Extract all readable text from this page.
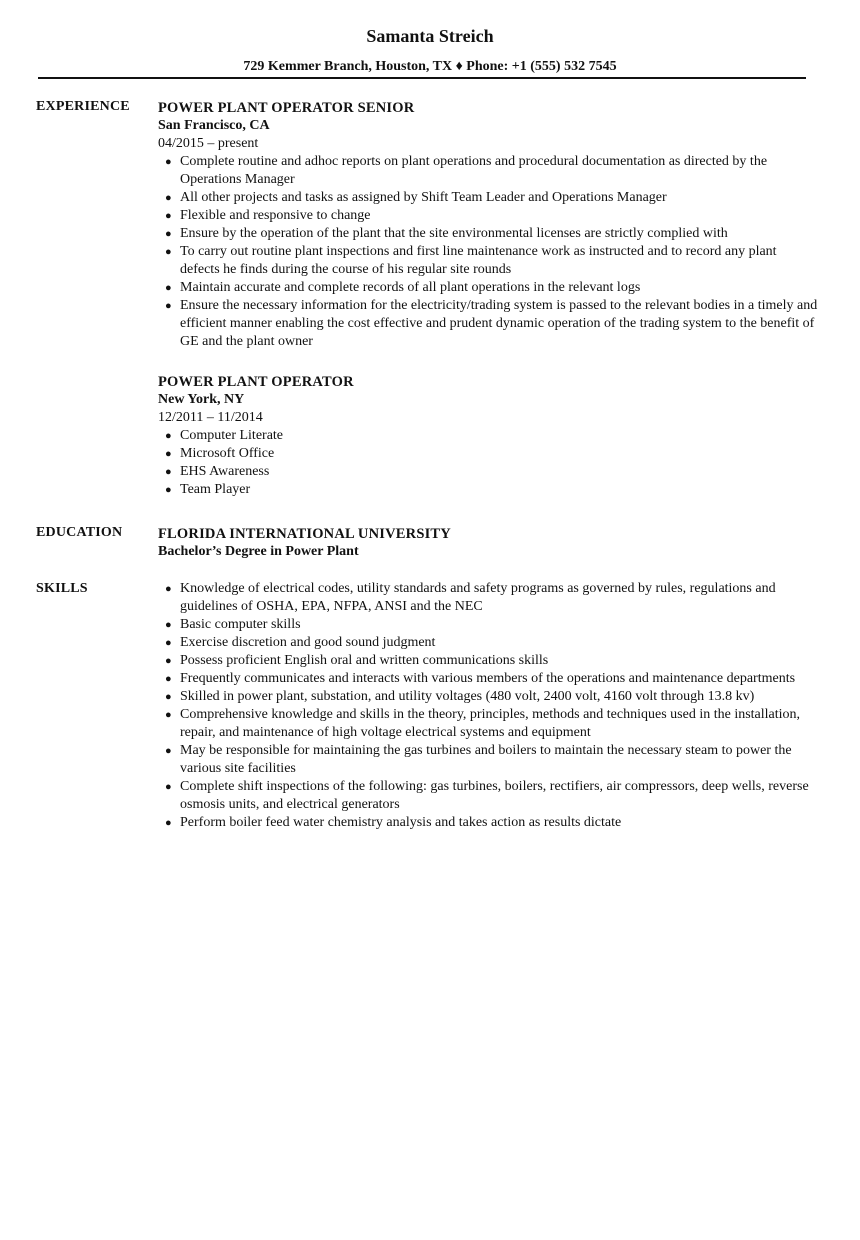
Samanta Streich
729 Kemmer Branch, Houston, TX ♦ Phone: +1 (555) 532 7545
EXPERIENCE POWER PLANT OPERATOR SENIOR
San Francisco, CA
04/2015 – present
● Complete routine and adhoc reports on plant operations and procedural documentation as directed by the Operations Manager
● All other projects and tasks as assigned by Shift Team Leader and Operations Manager
● Flexible and responsive to change
● Ensure by the operation of the plant that the site environmental licenses are strictly complied with
● To carry out routine plant inspections and first line maintenance work as instructed and to record any plant defects he finds during the course of his regular site rounds
● Maintain accurate and complete records of all plant operations in the relevant logs
● Ensure the necessary information for the electricity/trading system is passed to the relevant bodies in a timely and efficient manner enabling the cost effective and prudent dynamic operation of the trading system to the benefit of GE and the plant owner
POWER PLANT OPERATOR
New York, NY
12/2011 – 11/2014
● Computer Literate
● Microsoft Office
● EHS Awareness
● Team Player
EDUCATION FLORIDA INTERNATIONAL UNIVERSITY
Bachelor’s Degree in Power Plant
SKILLS	● Knowledge of electrical codes, utility standards and safety programs as governed by rules, regulations and guidelines of OSHA, EPA, NFPA, ANSI and the NEC
● Basic computer skills
● Exercise discretion and good sound judgment
● Possess proficient English oral and written communications skills
● Frequently communicates and interacts with various members of the operations and maintenance departments
● Skilled in power plant, substation, and utility voltages (480 volt, 2400 volt, 4160 volt through 13.8 kv)
● Comprehensive knowledge and skills in the theory, principles, methods and techniques used in the installation, repair, and maintenance of high voltage electrical systems and equipment
● May be responsible for maintaining the gas turbines and boilers to maintain the necessary steam to power the various site facilities
● Complete shift inspections of the following: gas turbines, boilers, rectifiers, air compressors, deep wells, reverse osmosis units, and electrical generators
● Perform boiler feed water chemistry analysis and takes action as results dictate
